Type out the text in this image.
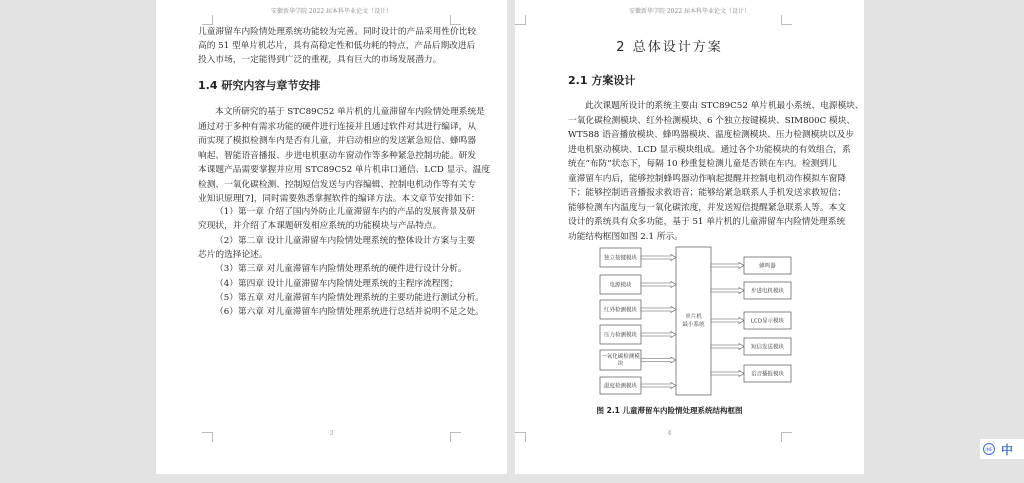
安徽新华学院 2022 届本科毕业论文（设计）
1.4 研究内容与章节安排
3
儿童滞留车内险情处理系统功能较为完善。同时设计的产品采用性价比较
高的 51 型单片机芯片，具有高稳定性和低功耗的特点，产品后期改进后
投入市场，一定能得到广泛的重视，具有巨大的市场发展潜力。
本文所研究的基于 STC89C52 单片机的儿童滞留车内险情处理系统是
通过对于多种有需求功能的硬件进行连接并且通过软件对其进行编译，从
而实现了模拟检测车内是否有儿童，并启动相应的发送紧急短信、蜂鸣器
响起、智能语音播报、步进电机驱动车窗动作等多种紧急控制功能。研发
本课题产品需要掌握并应用 STC89C52 单片机串口通信、LCD 显示、温度
检测、一氧化碳检测、控制短信发送与内容编辑、控制电机动作等有关专
业知识原理[7]，同时需要熟悉掌握软件的编译方法。本文章节安排如下：
（1）第一章 介绍了国内外防止儿童滞留车内的产品的发展背景及研
究现状，并介绍了本课题研发相应系统的功能模块与产品特点。
（2）第二章 设计儿童滞留车内险情处理系统的整体设计方案与主要
芯片的选择论述。
（3）第三章 对儿童滞留车内险情处理系统的硬件进行设计分析。
（4）第四章 设计儿童滞留车内险情处理系统的主程序流程图；
（5）第五章 对儿童滞留车内险情处理系统的主要功能进行测试分析。
（6）第六章 对儿童滞留车内险情处理系统进行总结并说明不足之处。
安徽新华学院 2022 届本科毕业论文（设计）
2 总体设计方案
2.1 方案设计
独立按键模块
电源模块
红外检测模块
压力检测模块
一氧化碳检测模
块
温度检测模块
单片机
最小系统
蜂鸣器
步进电机模块
LCD显示模块
短信发送模块
语音播报模块
图 2.1 儿童滞留车内险情处理系统结构框图
4
此次课题所设计的系统主要由 STC89C52 单片机最小系统、电源模块、
一氧化碳检测模块、红外检测模块、6 个独立按键模块、SIM800C 模块、
WT588 语音播放模块、蜂鸣器模块、温度检测模块、压力检测模块以及步
进电机驱动模块、LCD 显示模块组成。通过各个功能模块的有效组合，系
统在“布防”状态下，每隔 10 秒重复检测儿童是否锁在车内。检测到儿
童滞留车内后，能够控制蜂鸣器动作响起提醒并控制电机动作模拟车窗降
下；能够控制语音播报求救语音；能够给紧急联系人手机发送求救短信；
能够检测车内温度与一氧化碳浓度，并发送短信提醒紧急联系人等。本文
设计的系统具有众多功能，基于 51 单片机的儿童滞留车内险情处理系统
功能结构框图如图 2.1 所示。
IME 中
